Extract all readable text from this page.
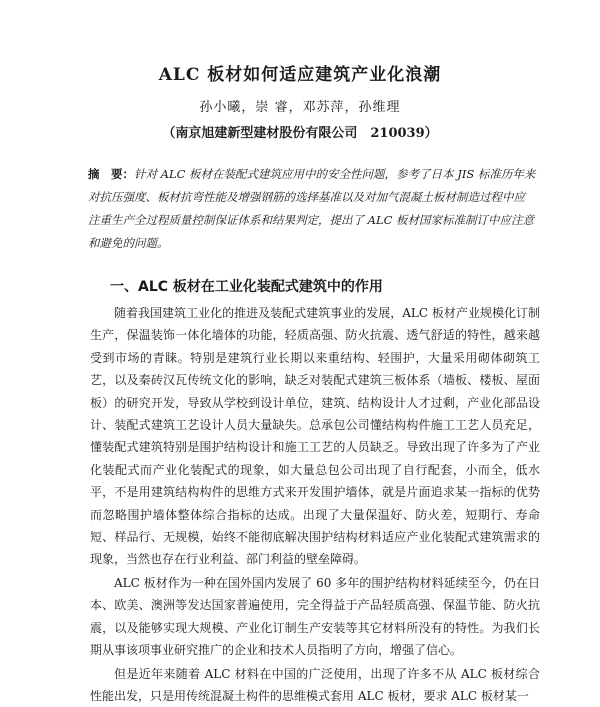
ALC 板材如何适应建筑产业化浪潮
孙小曦，崇 睿，邓苏萍，孙维理
（南京旭建新型建材股份有限公司　210039）

摘　要：针对 ALC 板材在装配式建筑应用中的安全性问题，参考了日本 JIS 标准历年来对抗压强度、板材抗弯性能及增强钢筋的选择基准以及对加气混凝土板材制造过程中应注重生产全过程质量控制保证体系和结果判定，提出了 ALC 板材国家标准制订中应注意和避免的问题。

一、ALC 板材在工业化装配式建筑中的作用

随着我国建筑工业化的推进及装配式建筑事业的发展，ALC 板材产业规模化订制生产，保温装饰一体化墙体的功能，轻质高强、防火抗震、透气舒适的特性，越来越受到市场的青睐。特别是建筑行业长期以来重结构、轻围护，大量采用砌体砌筑工艺，以及秦砖汉瓦传统文化的影响，缺乏对装配式建筑三板体系（墙板、楼板、屋面板）的研究开发，导致从学校到设计单位，建筑、结构设计人才过剩，产业化部品设计、装配式建筑工艺设计人员大量缺失。总承包公司懂结构构件施工工艺人员充足，懂装配式建筑特别是围护结构设计和施工工艺的人员缺乏。导致出现了许多为了产业化装配式而产业化装配式的现象，如大量总包公司出现了自行配套，小而全，低水平，不是用建筑结构构件的思维方式来开发围护墙体，就是片面追求某一指标的优势而忽略围护墙体整体综合指标的达成。出现了大量保温好、防火差，短期行、寿命短、样品行、无规模，始终不能彻底解决围护结构材料适应产业化装配式建筑需求的现象，当然也存在行业利益、部门利益的壁垒障碍。

ALC 板材作为一种在国外国内发展了 60 多年的围护结构材料延续至今，仍在日本、欧美、澳洲等发达国家普遍使用，完全得益于产品轻质高强、保温节能、防火抗震，以及能够实现大规模、产业化订制生产安装等其它材料所没有的特性。为我们长期从事该项事业研究推广的企业和技术人员指明了方向，增强了信心。

但是近年来随着 ALC 材料在中国的广泛使用，出现了许多不从 ALC 板材综合性能出发，只是用传统混凝土构件的思维模式套用 ALC 板材，要求 ALC 板材某一
